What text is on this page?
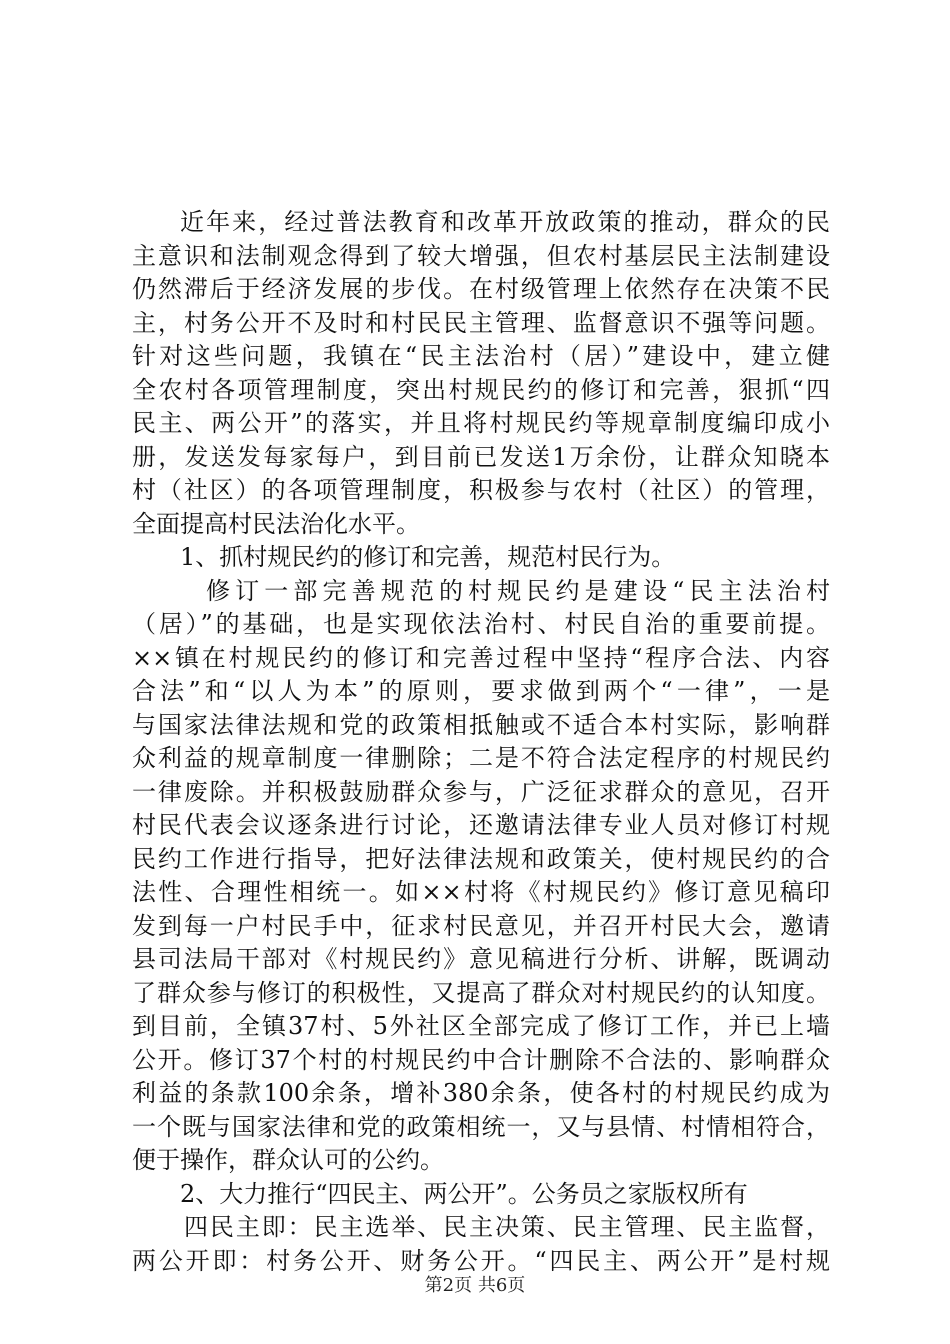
近年来，经过普法教育和改革开放政策的推动，群众的民
主意识和法制观念得到了较大增强，但农村基层民主法制建设
仍然滞后于经济发展的步伐。在村级管理上依然存在决策不民
主，村务公开不及时和村民民主管理、监督意识不强等问题。
针对这些问题，我镇在“民主法治村（居）”建设中，建立健
全农村各项管理制度，突出村规民约的修订和完善，狠抓“四
民主、两公开”的落实，并且将村规民约等规章制度编印成小
册，发送发每家每户，到目前已发送1万余份，让群众知晓本
村（社区）的各项管理制度，积极参与农村（社区）的管理，
全面提高村民法治化水平。
1、抓村规民约的修订和完善，规范村民行为。
修订一部完善规范的村规民约是建设“民主法治村
（居）”的基础，也是实现依法治村、村民自治的重要前提。
××镇在村规民约的修订和完善过程中坚持“程序合法、内容
合法”和“以人为本”的原则，要求做到两个“一律”，一是
与国家法律法规和党的政策相抵触或不适合本村实际，影响群
众利益的规章制度一律删除；二是不符合法定程序的村规民约
一律废除。并积极鼓励群众参与，广泛征求群众的意见，召开
村民代表会议逐条进行讨论，还邀请法律专业人员对修订村规
民约工作进行指导，把好法律法规和政策关，使村规民约的合
法性、合理性相统一。如××村将《村规民约》修订意见稿印
发到每一户村民手中，征求村民意见，并召开村民大会，邀请
县司法局干部对《村规民约》意见稿进行分析、讲解，既调动
了群众参与修订的积极性，又提高了群众对村规民约的认知度。
到目前，全镇37村、5外社区全部完成了修订工作，并已上墙
公开。修订37个村的村规民约中合计删除不合法的、影响群众
利益的条款100余条，增补380余条，使各村的村规民约成为
一个既与国家法律和党的政策相统一，又与县情、村情相符合，
便于操作，群众认可的公约。
2、大力推行“四民主、两公开”。公务员之家版权所有
四民主即：民主选举、民主决策、民主管理、民主监督，
两公开即：村务公开、财务公开。“四民主、两公开”是村规
第2页 共6页
